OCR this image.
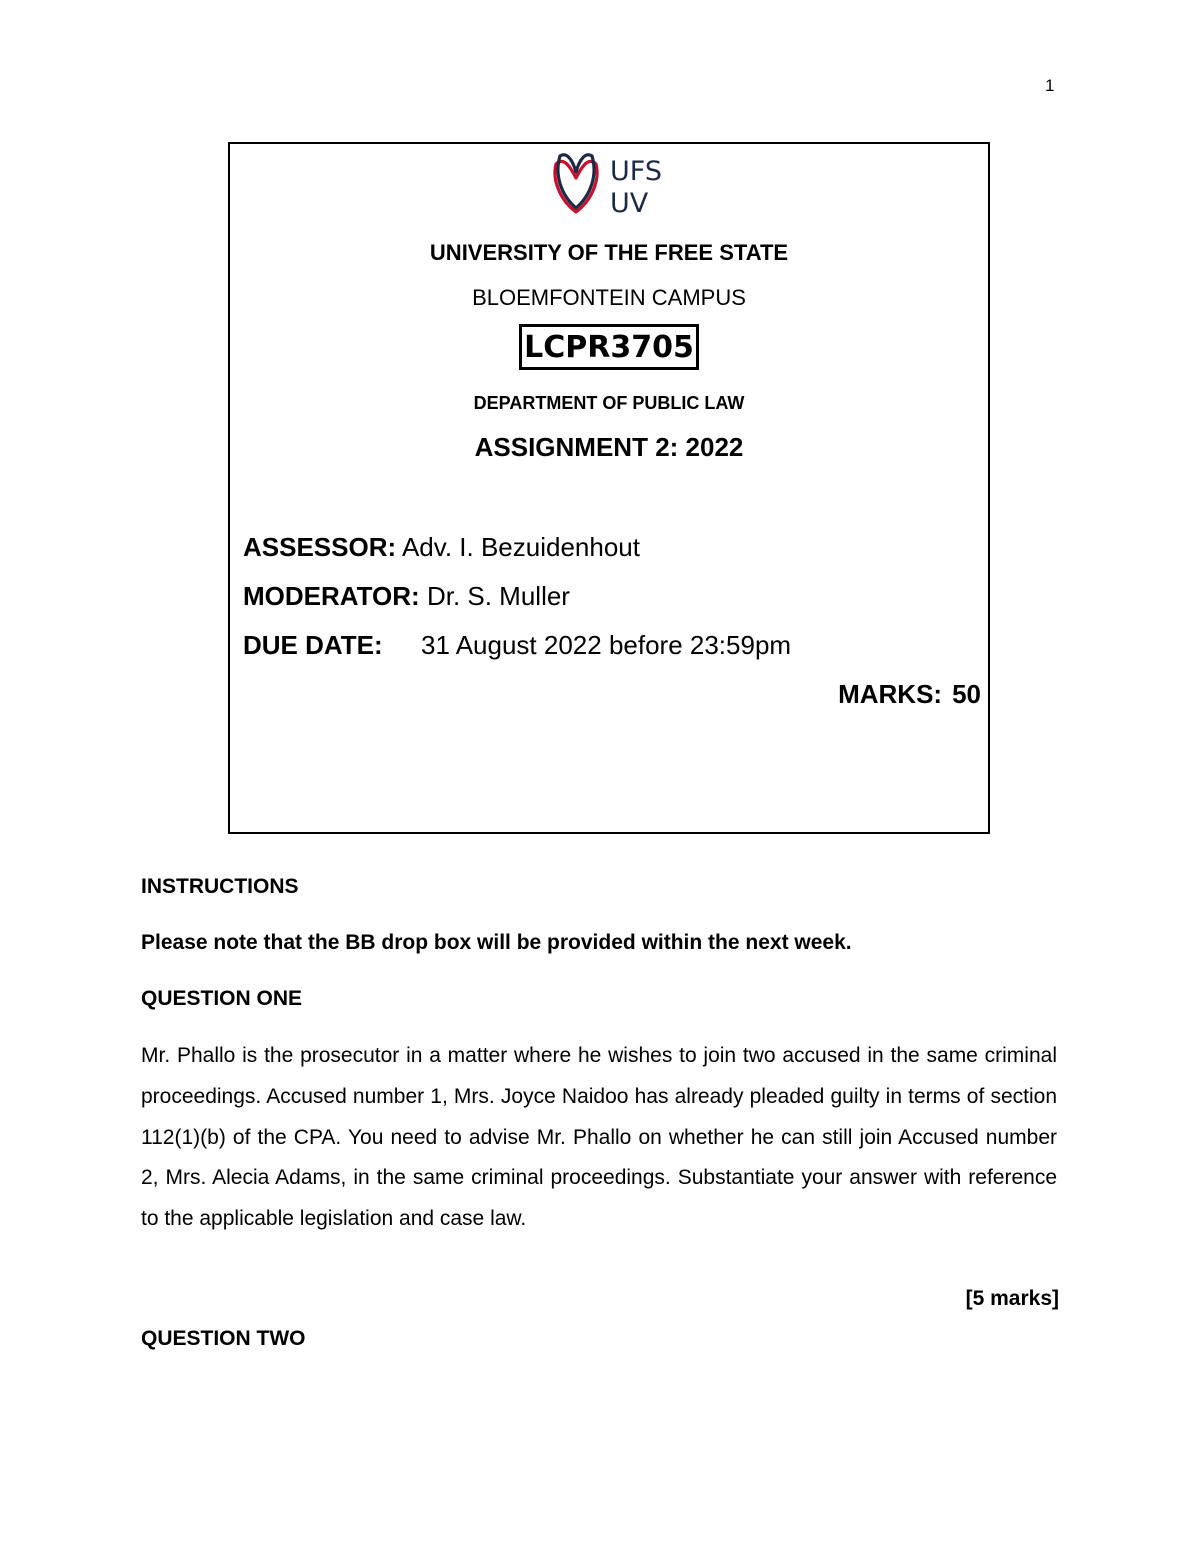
1
UFS
UV
UNIVERSITY OF THE FREE STATE
BLOEMFONTEIN CAMPUS
LCPR3705
DEPARTMENT OF PUBLIC LAW
ASSIGNMENT 2: 2022
ASSESSOR: Adv. I. Bezuidenhout
MODERATOR: Dr. S. Muller
DUE DATE: 31 August 2022 before 23:59pm
MARKS: 50
INSTRUCTIONS
Please note that the BB drop box will be provided within the next week.
QUESTION ONE

Mr. Phallo is the prosecutor in a matter where he wishes to join two accused in the same criminal proceedings. Accused number 1, Mrs. Joyce Naidoo has already pleaded guilty in terms of section 112(1)(b) of the CPA. You need to advise Mr. Phallo on whether he can still join Accused number 2, Mrs. Alecia Adams, in the same criminal proceedings. Substantiate your answer with reference to the applicable legislation and case law.

[5 marks]
QUESTION TWO
